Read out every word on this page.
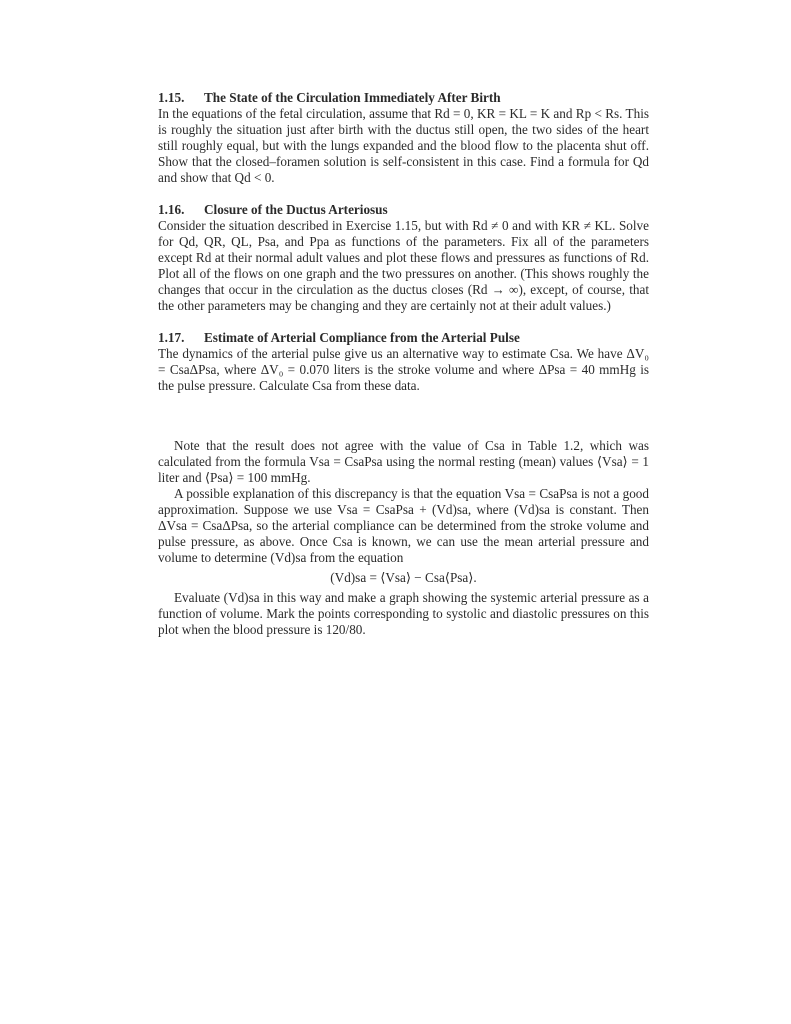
1.15. The State of the Circulation Immediately After Birth

In the equations of the fetal circulation, assume that Rd = 0, KR = KL = K and Rp < Rs. This is roughly the situation just after birth with the ductus still open, the two sides of the heart still roughly equal, but with the lungs expanded and the blood flow to the placenta shut off. Show that the closed–foramen solution is self-consistent in this case. Find a formula for Qd and show that Qd < 0.

1.16. Closure of the Ductus Arteriosus

Consider the situation described in Exercise 1.15, but with Rd ≠ 0 and with KR ≠ KL. Solve for Qd, QR, QL, Psa, and Ppa as functions of the parameters. Fix all of the parameters except Rd at their normal adult values and plot these flows and pressures as functions of Rd. Plot all of the flows on one graph and the two pressures on another. (This shows roughly the changes that occur in the circulation as the ductus closes (Rd → ∞), except, of course, that the other parameters may be changing and they are certainly not at their adult values.)

1.17. Estimate of Arterial Compliance from the Arterial Pulse

The dynamics of the arterial pulse give us an alternative way to estimate Csa. We have ΔV₀ = CsaΔPsa, where ΔV₀ = 0.070 liters is the stroke volume and where ΔPsa = 40 mmHg is the pulse pressure. Calculate Csa from these data.

Note that the result does not agree with the value of Csa in Table 1.2, which was calculated from the formula Vsa = CsaPsa using the normal resting (mean) values ⟨Vsa⟩ = 1 liter and ⟨Psa⟩ = 100 mmHg.

A possible explanation of this discrepancy is that the equation Vsa = CsaPsa is not a good approximation. Suppose we use Vsa = CsaPsa + (Vd)sa, where (Vd)sa is constant. Then ΔVsa = CsaΔPsa, so the arterial compliance can be determined from the stroke volume and pulse pressure, as above. Once Csa is known, we can use the mean arterial pressure and volume to determine (Vd)sa from the equation

(Vd)sa = ⟨Vsa⟩ − Csa⟨Psa⟩.

Evaluate (Vd)sa in this way and make a graph showing the systemic arterial pressure as a function of volume. Mark the points corresponding to systolic and diastolic pressures on this plot when the blood pressure is 120/80.
